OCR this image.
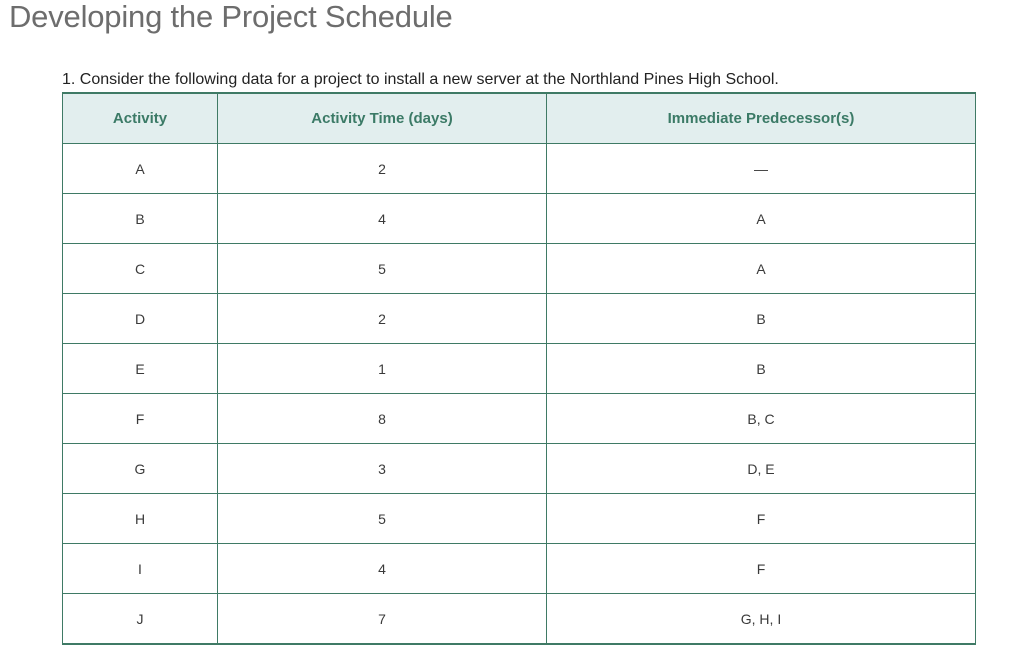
Developing the Project Schedule
1. Consider the following data for a project to install a new server at the Northland Pines High School.
Activity	Activity Time (days)	Immediate Predecessor(s)
A	2	—
B	4	A
C	5	A
D	2	B
E	1	B
F	8	B, C
G	3	D, E
H	5	F
I	4	F
J	7	G, H, I
